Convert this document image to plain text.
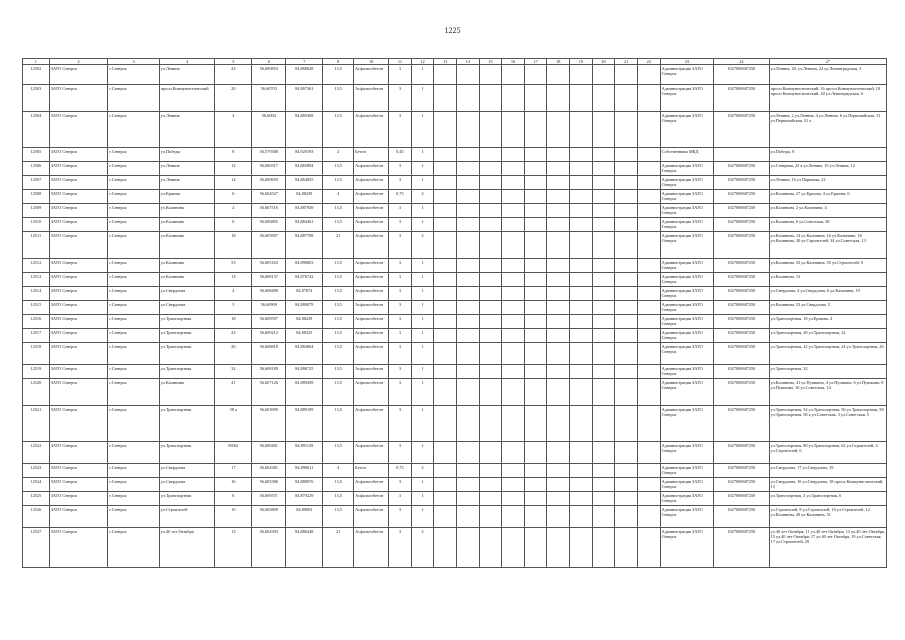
1225
1	2	3	4	5	6	7	8	10	11	12	13	14	15	16	17	18	19	20	21	22	23	24	27
12502	ЗАТО Северск	г.Северск	ул.Ленина	22	56,600853	84,868028	13,5	Асфальтобетон	3	1											Администрация ЗАТО Северск	1027000687250	ул.Ленина, 20, ул.Ленина, 22 ул.Ленинградская, 3
12503	ЗАТО Северск	г.Северск	просп.Коммунистический	20	56,60703	84,867361	13,5	Асфальтобетон	3	1											Администрация ЗАТО Северск	1027000687250	просп.Коммунистический, 16 просп.Коммунистический, 18 просп.Коммунистический, 20 ул.Ленинградская, 6
12504	ЗАТО Северск	г.Северск	ул.Ленина	4	56,6004	84,869368	13,5	Асфальтобетон	3	1											Администрация ЗАТО Северск	1027000687250	ул.Ленина, 2 ул.Ленина, 4 ул.Ленина, 6 ул.Первомайская, 31 ул.Первомайская, 31 а
12505	ЗАТО Северск	г.Северск	ул.Победы	8	56,579388	84,920193	2	Бетон	0,45	1											Собственники МКД		ул.Победы, 8
12506	ЗАТО Северск	г.Северск	ул.Ленина	12	56,600317	84,865894	13,5	Асфальтобетон	3	1											Администрация ЗАТО Северск	1027000687250	ул.Северная, 22 а ул.Ленина, 10 ул.Ленина, 12
12507	ЗАТО Северск	г.Северск	ул.Ленина	14	56,600659	84,864855	13,5	Асфальтобетон	3	1											Администрация ЗАТО Северск	1027000687250	ул.Ленина, 16 ул.Парковая, 22
12508	ЗАТО Северск	г.Северск	ул.Ершова	6	56,604527	84,88239	4	Асфальтобетон	0,75	2											Администрация ЗАТО Северск	1027000687250	ул.Калинина, 27 ул.Ершова, 4 ул.Ершова, 6
12509	ЗАТО Северск	г.Северск	ул.Калинина	2	56,607516	84,887949	13,5	Асфальтобетон	3	1											Администрация ЗАТО Северск	1027000687250	ул.Калинина, 2 ул.Калинина, 4
12510	ЗАТО Северск	г.Северск	ул.Калинина	6	56,606805	84,884461	13,5	Асфальтобетон	3	1											Администрация ЗАТО Северск	1027000687250	ул.Калинина, 6 ул.Советская, 28
12511	ЗАТО Северск	г.Северск	ул.Калинина	18	56,605907	84,887708	21	Асфальтобетон	3	2											Администрация ЗАТО Северск	1027000687250	ул.Калинина, 14 ул.Калинина, 16 ул.Калинина, 18 ул.Калинина, 20 ул.Строителей, 34 ул.Советская, 13
12512	ЗАТО Северск	г.Северск	ул.Калинина	53	56,605163	84,896803	13,5	Асфальтобетон	3	1											Администрация ЗАТО Северск	1027000687250	ул.Калинина, 53 ул.Калинина, 55 ул.Строителей, 9
12513	ЗАТО Северск	г.Северск	ул.Калинина	13	56,608137	84,876742	13,5	Асфальтобетон	3	1											Администрация ЗАТО Северск	1027000687250	ул.Калинина, 13
12514	ЗАТО Северск	г.Северск	ул.Свердлова	4	56,608488	84,87874	13,5	Асфальтобетон	3	1											Администрация ЗАТО Северск	1027000687250	ул.Свердлова, 4 ул.Свердлова, 6 ул.Калинина, 19
12515	ЗАТО Северск	г.Северск	ул.Свердлова	5	56,60909	84,880079	13,5	Асфальтобетон	3	1											Администрация ЗАТО Северск	1027000687250	ул.Калинина, 23 ул.Свердлова, 5
12516	ЗАТО Северск	г.Северск	ул.Транспортная	18	56,609597	84,88239	13,5	Асфальтобетон	3	1											Администрация ЗАТО Северск	1027000687250	ул.Транспортная, 18 ул.Ершова, 4
12517	ЗАТО Северск	г.Северск	ул.Транспортная	22	56,609212	84,88325	13,5	Асфальтобетон	3	1											Администрация ЗАТО Северск	1027000687250	ул.Транспортная, 20 ул.Транспортная, 22
12518	ЗАТО Северск	г.Северск	ул.Транспортная	26	56,608818	84,884864	13,5	Асфальтобетон	3	1											Администрация ЗАТО Северск	1027000687250	ул.Транспортная, 22 ул.Транспортная, 24 ул.Транспортная, 26
12519	ЗАТО Северск	г.Северск	ул.Транспортная	32	56,608189	84,886725	13,5	Асфальтобетон	3	1											Администрация ЗАТО Северск	1027000687250	ул.Транспортная, 32
12520	ЗАТО Северск	г.Северск	ул.Калинина	41	56,607126	84,889458	13,5	Асфальтобетон	3	1											Администрация ЗАТО Северск	1027000687250	ул.Калинина, 41 ул.Пушкина, 4 ул.Пушкина, 6 ул.Пушкина, 8 ул.Пушкина, 10 ул.Советская, 14
12521	ЗАТО Северск	г.Северск	ул.Транспортная	58 а	56,603999	84,889109	13,5	Асфальтобетон	3	1											Администрация ЗАТО Северск	1027000687250	ул.Транспортная, 54 ул.Транспортная, 56 ул.Транспортная, 58 ул.Транспортная, 58 а ул.Советская, 3 ул.Советская, 5
12522	ЗАТО Северск	г.Северск	ул.Транспортная	80/62	56,600401	84,891129	13,5	Асфальтобетон	3	1											Администрация ЗАТО Северск	1027000687250	ул.Транспортная, 80 ул.Транспортная, 62 ул.Строителей, 4 ул.Строителей, 6
12523	ЗАТО Северск	г.Северск	ул.Свердлова	17	56,604381	84,890611	4	Бетон	0,75	2											Администрация ЗАТО Северск	1027000687250	ул.Свердлова, 17 ул.Свердлова, 19
12524	ЗАТО Северск	г.Северск	ул.Свердлова	16	56,605386	84,888076	13,5	Асфальтобетон	3	1											Администрация ЗАТО Северск	1027000687250	ул.Свердлова, 16 ул.Свердлова, 18 просп.Коммунистический, 15
12525	ЗАТО Северск	г.Северск	ул.Транспортная	6	56,609371	84,879229	13,5	Асфальтобетон	3	1											Администрация ЗАТО Северск	1027000687250	ул.Транспортная, 4 ул.Транспортная, 6
12526	ЗАТО Северск	г.Северск	ул.Строителей	10	56,605809	84,89003	13,5	Асфальтобетон	3	1											Администрация ЗАТО Северск	1027000687250	ул.Строителей, 8 ул.Строителей, 10 ул.Строителей, 12 ул.Калинина, 49 ул.Калинина, 51
12527	ЗАТО Северск	г.Северск	ул.40 лет Октября	13	56,604393	84,886248	21	Асфальтобетон	3	2											Администрация ЗАТО Северск	1027000687250	ул.40 лет Октября, 11 ул.40 лет Октября, 13 ул.40 лет Октября, 15 ул.40 лет Октября, 17 ул.40 лет Октября, 19 ул.Советская, 17 ул.Строителей, 29
